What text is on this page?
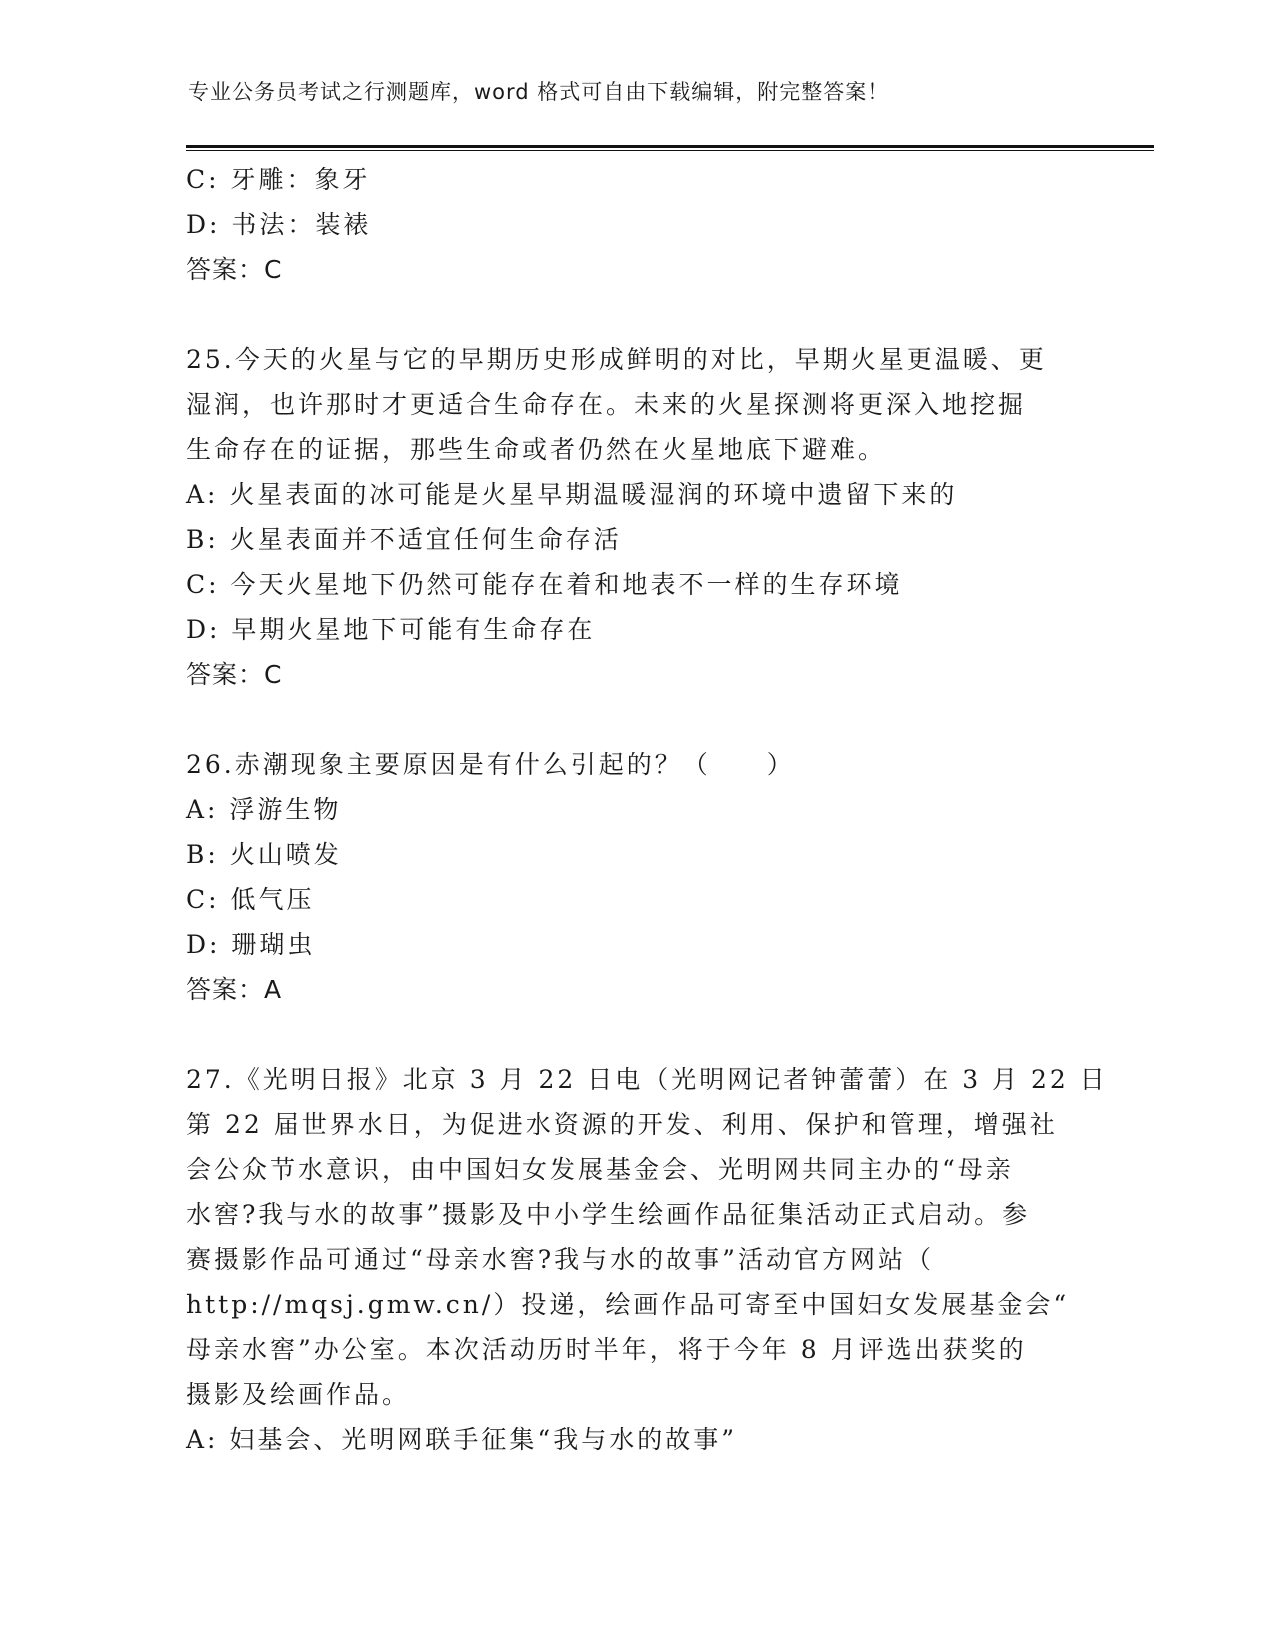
专业公务员考试之行测题库，word 格式可自由下载编辑，附完整答案！
C: 牙雕：象牙
D: 书法：装裱
答案：C
25.今天的火星与它的早期历史形成鲜明的对比，早期火星更温暖、更
湿润，也许那时才更适合生命存在。未来的火星探测将更深入地挖掘
生命存在的证据，那些生命或者仍然在火星地底下避难。
A: 火星表面的冰可能是火星早期温暖湿润的环境中遗留下来的
B: 火星表面并不适宜任何生命存活
C: 今天火星地下仍然可能存在着和地表不一样的生存环境
D: 早期火星地下可能有生命存在
答案：C
26.赤潮现象主要原因是有什么引起的？（　　）
A: 浮游生物
B: 火山喷发
C: 低气压
D: 珊瑚虫
答案：A
27.《光明日报》北京 3 月 22 日电（光明网记者钟蕾蕾）在 3 月 22 日
第 22 届世界水日，为促进水资源的开发、利用、保护和管理，增强社
会公众节水意识，由中国妇女发展基金会、光明网共同主办的“母亲
水窖?我与水的故事”摄影及中小学生绘画作品征集活动正式启动。参
赛摄影作品可通过“母亲水窖?我与水的故事”活动官方网站（
http://mqsj.gmw.cn/）投递，绘画作品可寄至中国妇女发展基金会“
母亲水窖”办公室。本次活动历时半年，将于今年 8 月评选出获奖的
摄影及绘画作品。
A: 妇基会、光明网联手征集“我与水的故事”
